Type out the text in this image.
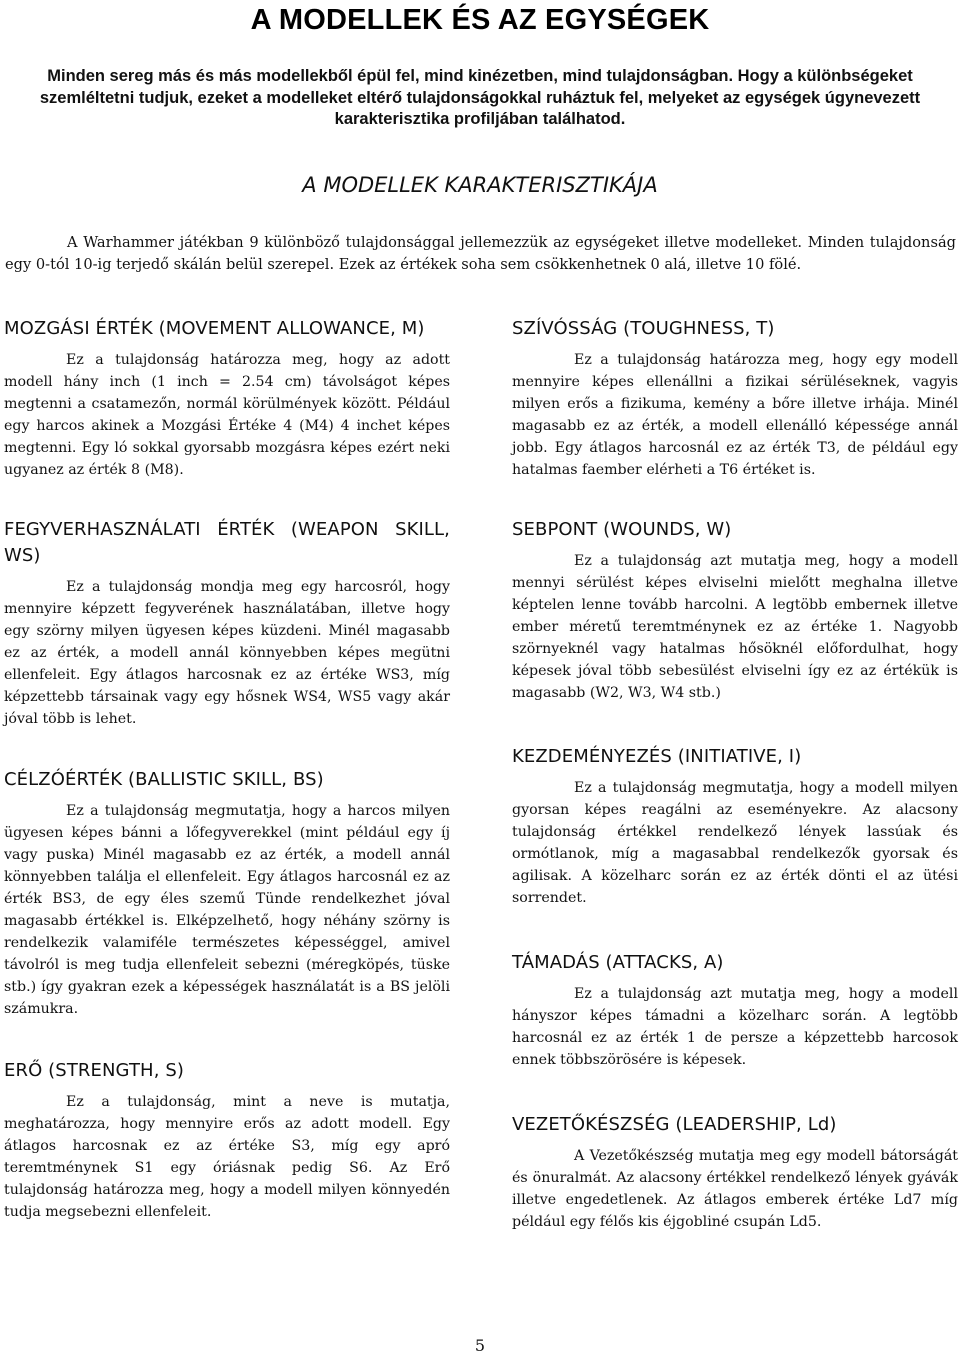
A MODELLEK ÉS AZ EGYSÉGEK

Minden sereg más és más modellekből épül fel, mind kinézetben, mind tulajdonságban. Hogy a különbségeket szemléltetni tudjuk, ezeket a modelleket eltérő tulajdonságokkal ruháztuk fel, melyeket az egységek úgynevezett karakterisztika profiljában találhatod.

A MODELLEK KARAKTERISZTIKÁJA

A Warhammer játékban 9 különböző tulajdonsággal jellemezzük az egységeket illetve modelleket. Minden tulajdonság egy 0-tól 10-ig terjedő skálán belül szerepel. Ezek az értékek soha sem csökkenhetnek 0 alá, illetve 10 fölé.

MOZGÁSI ÉRTÉK (MOVEMENT ALLOWANCE, M)

Ez a tulajdonság határozza meg, hogy az adott modell hány inch (1 inch = 2.54 cm) távolságot képes megtenni a csatamezőn, normál körülmények között. Például egy harcos akinek a Mozgási Értéke 4 (M4) 4 inchet képes megtenni. Egy ló sokkal gyorsabb mozgásra képes ezért neki ugyanez az érték 8 (M8).

FEGYVERHASZNÁLATI ÉRTÉK (WEAPON SKILL, WS)

Ez a tulajdonság mondja meg egy harcosról, hogy mennyire képzett fegyverének használatában, illetve hogy egy szörny milyen ügyesen képes küzdeni. Minél magasabb ez az érték, a modell annál könnyebben képes megütni ellenfeleit. Egy átlagos harcosnak ez az értéke WS3, míg képzettebb társainak vagy egy hősnek WS4, WS5 vagy akár jóval több is lehet.

CÉLZÓÉRTÉK (BALLISTIC SKILL, BS)

Ez a tulajdonság megmutatja, hogy a harcos milyen ügyesen képes bánni a lőfegyverekkel (mint például egy íj vagy puska) Minél magasabb ez az érték, a modell annál könnyebben találja el ellenfeleit. Egy átlagos harcosnál ez az érték BS3, de egy éles szemű Tünde rendelkezhet jóval magasabb értékkel is. Elképzelhető, hogy néhány szörny is rendelkezik valamiféle természetes képességgel, amivel távolról is meg tudja ellenfeleit sebezni (méregköpés, tüske stb.) így gyakran ezek a képességek használatát is a BS jelöli számukra.

ERŐ (STRENGTH, S)

Ez a tulajdonság, mint a neve is mutatja, meghatározza, hogy mennyire erős az adott modell. Egy átlagos harcosnak ez az értéke S3, míg egy apró teremtménynek S1 egy óriásnak pedig S6. Az Erő tulajdonság határozza meg, hogy a modell milyen könnyedén tudja megsebezni ellenfeleit.

SZÍVÓSSÁG (TOUGHNESS, T)

Ez a tulajdonság határozza meg, hogy egy modell mennyire képes ellenállni a fizikai sérüléseknek, vagyis milyen erős a fizikuma, kemény a bőre illetve irhája. Minél magasabb ez az érték, a modell ellenálló képessége annál jobb. Egy átlagos harcosnál ez az érték T3, de például egy hatalmas faember elérheti a T6 értéket is.

SEBPONT (WOUNDS, W)

Ez a tulajdonság azt mutatja meg, hogy a modell mennyi sérülést képes elviselni mielőtt meghalna illetve képtelen lenne tovább harcolni. A legtöbb embernek illetve ember méretű teremtménynek ez az értéke 1. Nagyobb szörnyeknél vagy hatalmas hősöknél előfordulhat, hogy képesek jóval több sebesülést elviselni így ez az értékük is magasabb (W2, W3, W4 stb.)

KEZDEMÉNYEZÉS (INITIATIVE, I)

Ez a tulajdonság megmutatja, hogy a modell milyen gyorsan képes reagálni az eseményekre. Az alacsony tulajdonság értékkel rendelkező lények lassúak és ormótlanok, míg a magasabbal rendelkezők gyorsak és agilisak. A közelharc során ez az érték dönti el az ütési sorrendet.

TÁMADÁS (ATTACKS, A)

Ez a tulajdonság azt mutatja meg, hogy a modell hányszor képes támadni a közelharc során. A legtöbb harcosnál ez az érték 1 de persze a képzettebb harcosok ennek többszörösére is képesek.

VEZETŐKÉSZSÉG (LEADERSHIP, Ld)

A Vezetőkészség mutatja meg egy modell bátorságát és önuralmát. Az alacsony értékkel rendelkező lények gyávák illetve engedetlenek. Az átlagos emberek értéke Ld7 míg például egy félős kis éjgobliné csupán Ld5.

5
